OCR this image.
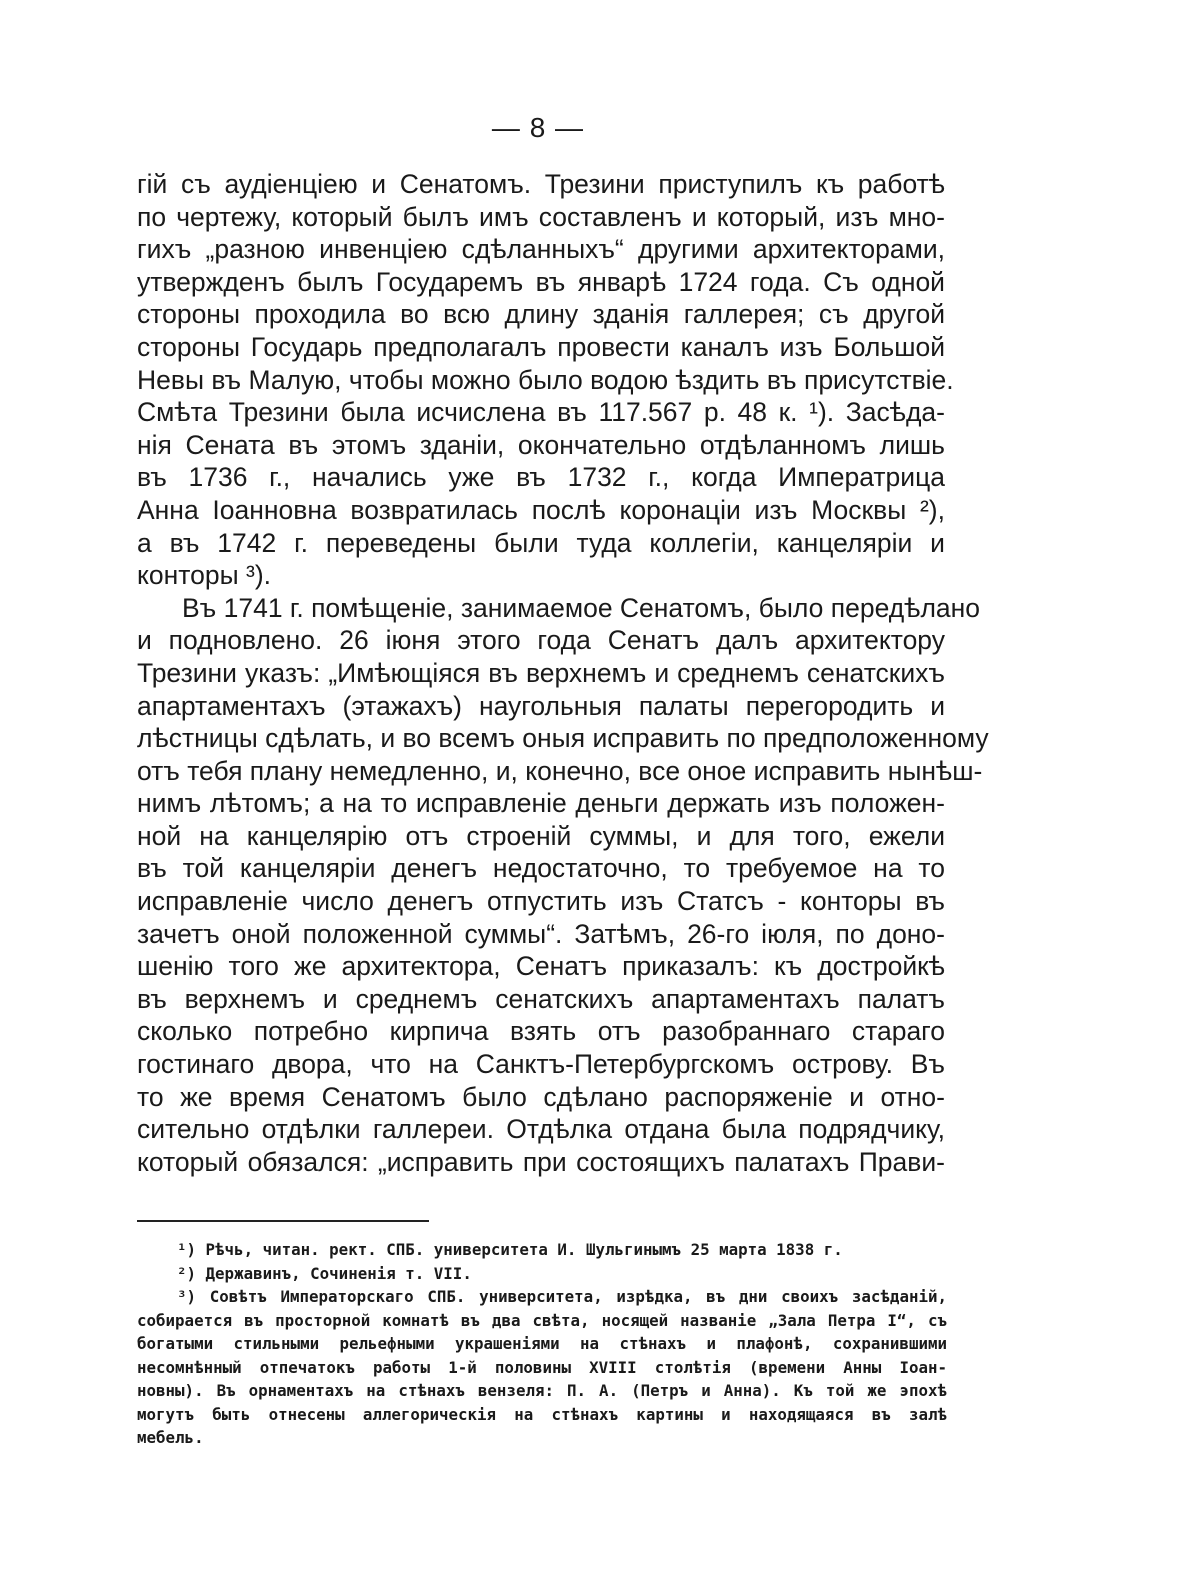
— 8 —
гій съ аудіенціею и Сенатомъ. Трезини приступилъ къ работѣ
по чертежу, который былъ имъ составленъ и который, изъ мно-
гихъ „разною инвенціею сдѣланныхъ“ другими архитекторами,
утвержденъ былъ Государемъ въ январѣ 1724 года. Съ одной
стороны проходила во всю длину зданія галлерея; съ другой
стороны Государь предполагалъ провести каналъ изъ Большой
Невы въ Малую, чтобы можно было водою ѣздить въ присутствіе.
Смѣта Трезини была исчислена въ 117.567 р. 48 к. ¹). Засѣда-
нія Сената въ этомъ зданіи, окончательно отдѣланномъ лишь
въ 1736 г., начались уже въ 1732 г., когда Императрица
Анна Іоанновна возвратилась послѣ коронаціи изъ Москвы ²),
а въ 1742 г. переведены были туда коллегіи, канцеляріи и
конторы ³).
Въ 1741 г. помѣщеніе, занимаемое Сенатомъ, было передѣлано
и подновлено. 26 іюня этого года Сенатъ далъ архитектору
Трезини указъ: „Имѣющіяся въ верхнемъ и среднемъ сенатскихъ
апартаментахъ (этажахъ) наугольныя палаты перегородить и
лѣстницы сдѣлать, и во всемъ оныя исправить по предположенному
отъ тебя плану немедленно, и, конечно, все оное исправить нынѣш-
нимъ лѣтомъ; а на то исправленіе деньги держать изъ положен-
ной на канцелярію отъ строеній суммы, и для того, ежели
въ той канцеляріи денегъ недостаточно, то требуемое на то
исправленіе число денегъ отпустить изъ Статсъ - конторы въ
зачетъ оной положенной суммы“. Затѣмъ, 26-го іюля, по доно-
шенію того же архитектора, Сенатъ приказалъ: къ достройкѣ
въ верхнемъ и среднемъ сенатскихъ апартаментахъ палатъ
сколько потребно кирпича взять отъ разобраннаго стараго
гостинаго двора, что на Санктъ-Петербургскомъ острову. Въ
то же время Сенатомъ было сдѣлано распоряженіе и отно-
сительно отдѣлки галлереи. Отдѣлка отдана была подрядчику,
который обязался: „исправить при состоящихъ палатахъ Прави-
¹) Рѣчь, читан. рект. СПБ. университета И. Шульгинымъ 25 марта 1838 г.
²) Державинъ, Сочиненія т. VII.
³) Совѣтъ Императорскаго СПБ. университета, изрѣдка, въ дни своихъ засѣданій,
собирается въ просторной комнатѣ въ два свѣта, носящей названіе „Зала Петра I“, съ
богатыми стильными рельефными украшеніями на стѣнахъ и плафонѣ, сохранившими
несомнѣнный отпечатокъ работы 1-й половины XVIII столѣтія (времени Анны Іоан-
новны). Въ орнаментахъ на стѣнахъ вензеля: П. А. (Петръ и Анна). Къ той же эпохѣ
могутъ быть отнесены аллегорическія на стѣнахъ картины и находящаяся въ залѣ
мебель.
